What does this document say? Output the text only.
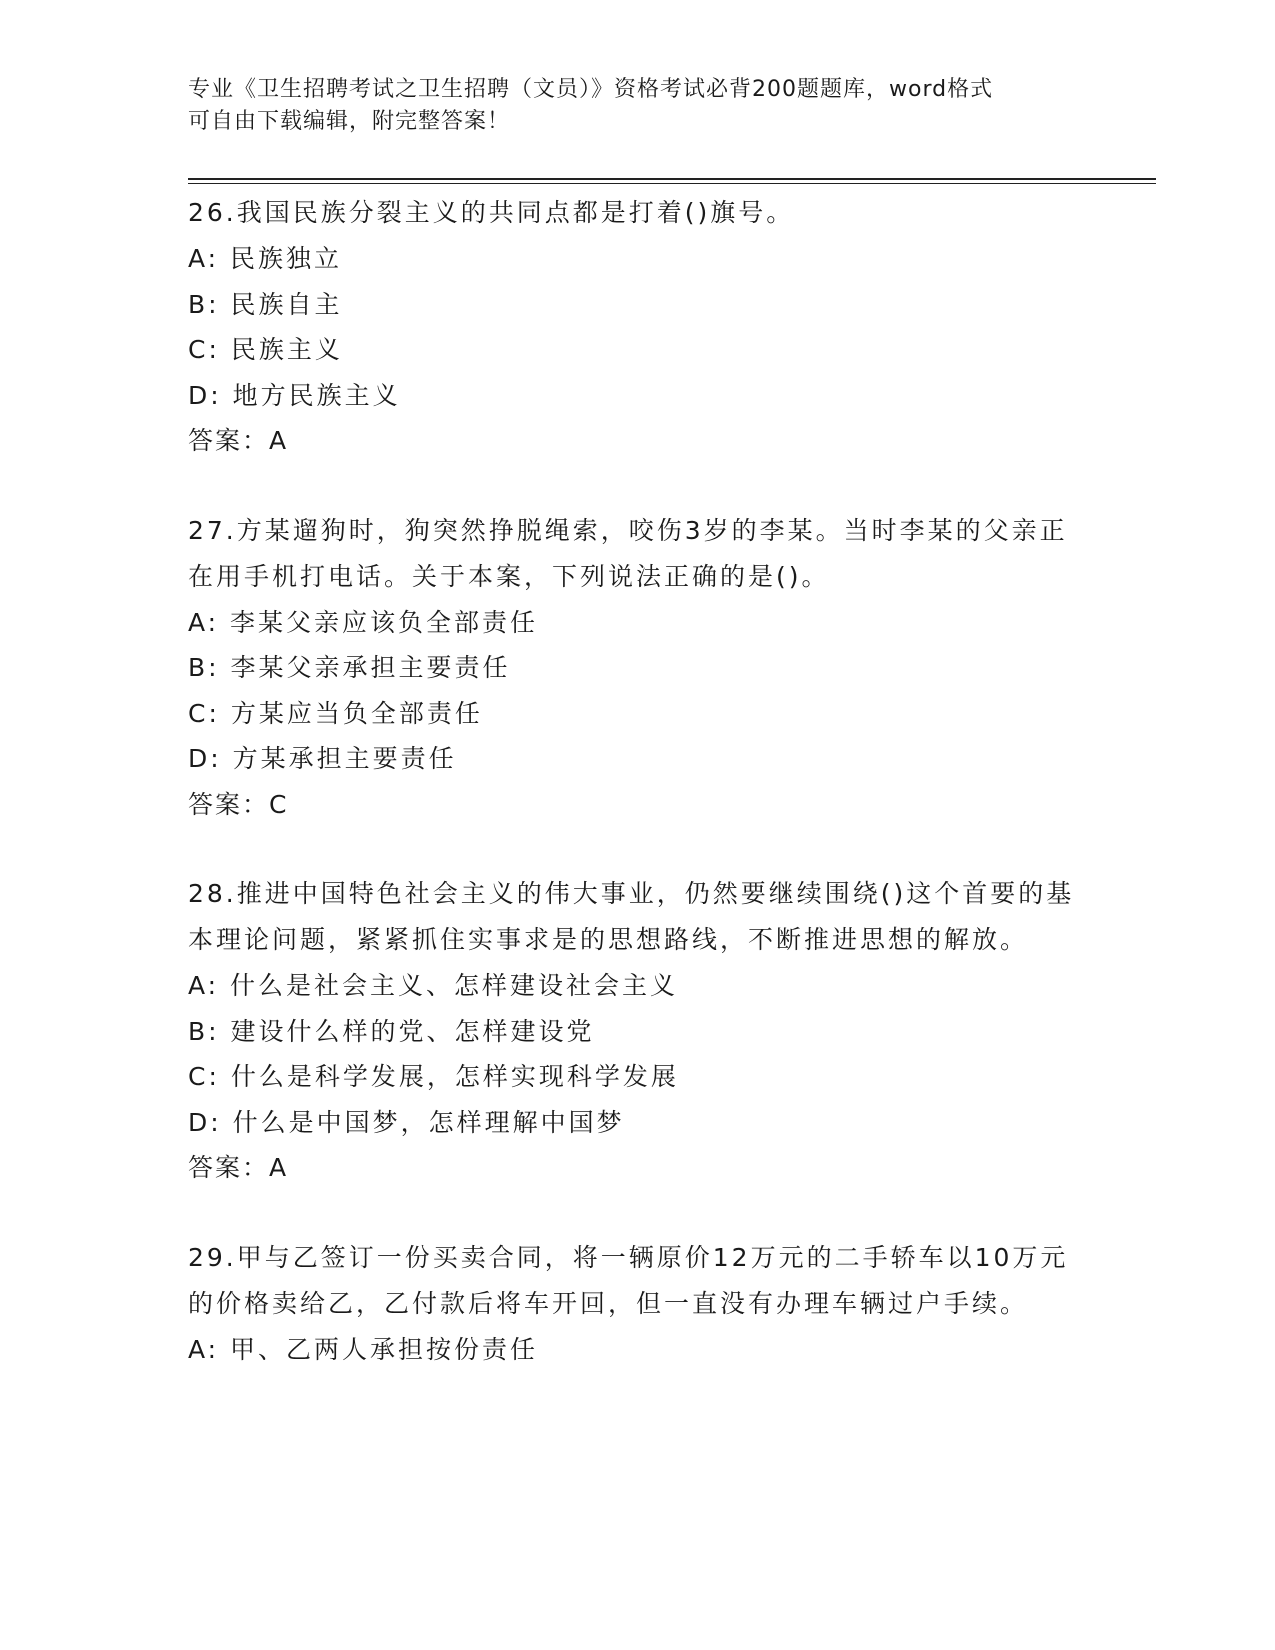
专业《卫生招聘考试之卫生招聘（文员）》资格考试必背200题题库，word格式
可自由下载编辑，附完整答案！
26.我国民族分裂主义的共同点都是打着()旗号。
A: 民族独立
B: 民族自主
C: 民族主义
D: 地方民族主义
答案：A
27.方某遛狗时，狗突然挣脱绳索，咬伤3岁的李某。当时李某的父亲正在用手机打电话。关于本案，下列说法正确的是()。
A: 李某父亲应该负全部责任
B: 李某父亲承担主要责任
C: 方某应当负全部责任
D: 方某承担主要责任
答案：C
28.推进中国特色社会主义的伟大事业，仍然要继续围绕()这个首要的基本理论问题，紧紧抓住实事求是的思想路线，不断推进思想的解放。
A: 什么是社会主义、怎样建设社会主义
B: 建设什么样的党、怎样建设党
C: 什么是科学发展，怎样实现科学发展
D: 什么是中国梦，怎样理解中国梦
答案：A
29.甲与乙签订一份买卖合同，将一辆原价12万元的二手轿车以10万元的价格卖给乙，乙付款后将车开回，但一直没有办理车辆过户手续。
A: 甲、乙两人承担按份责任
